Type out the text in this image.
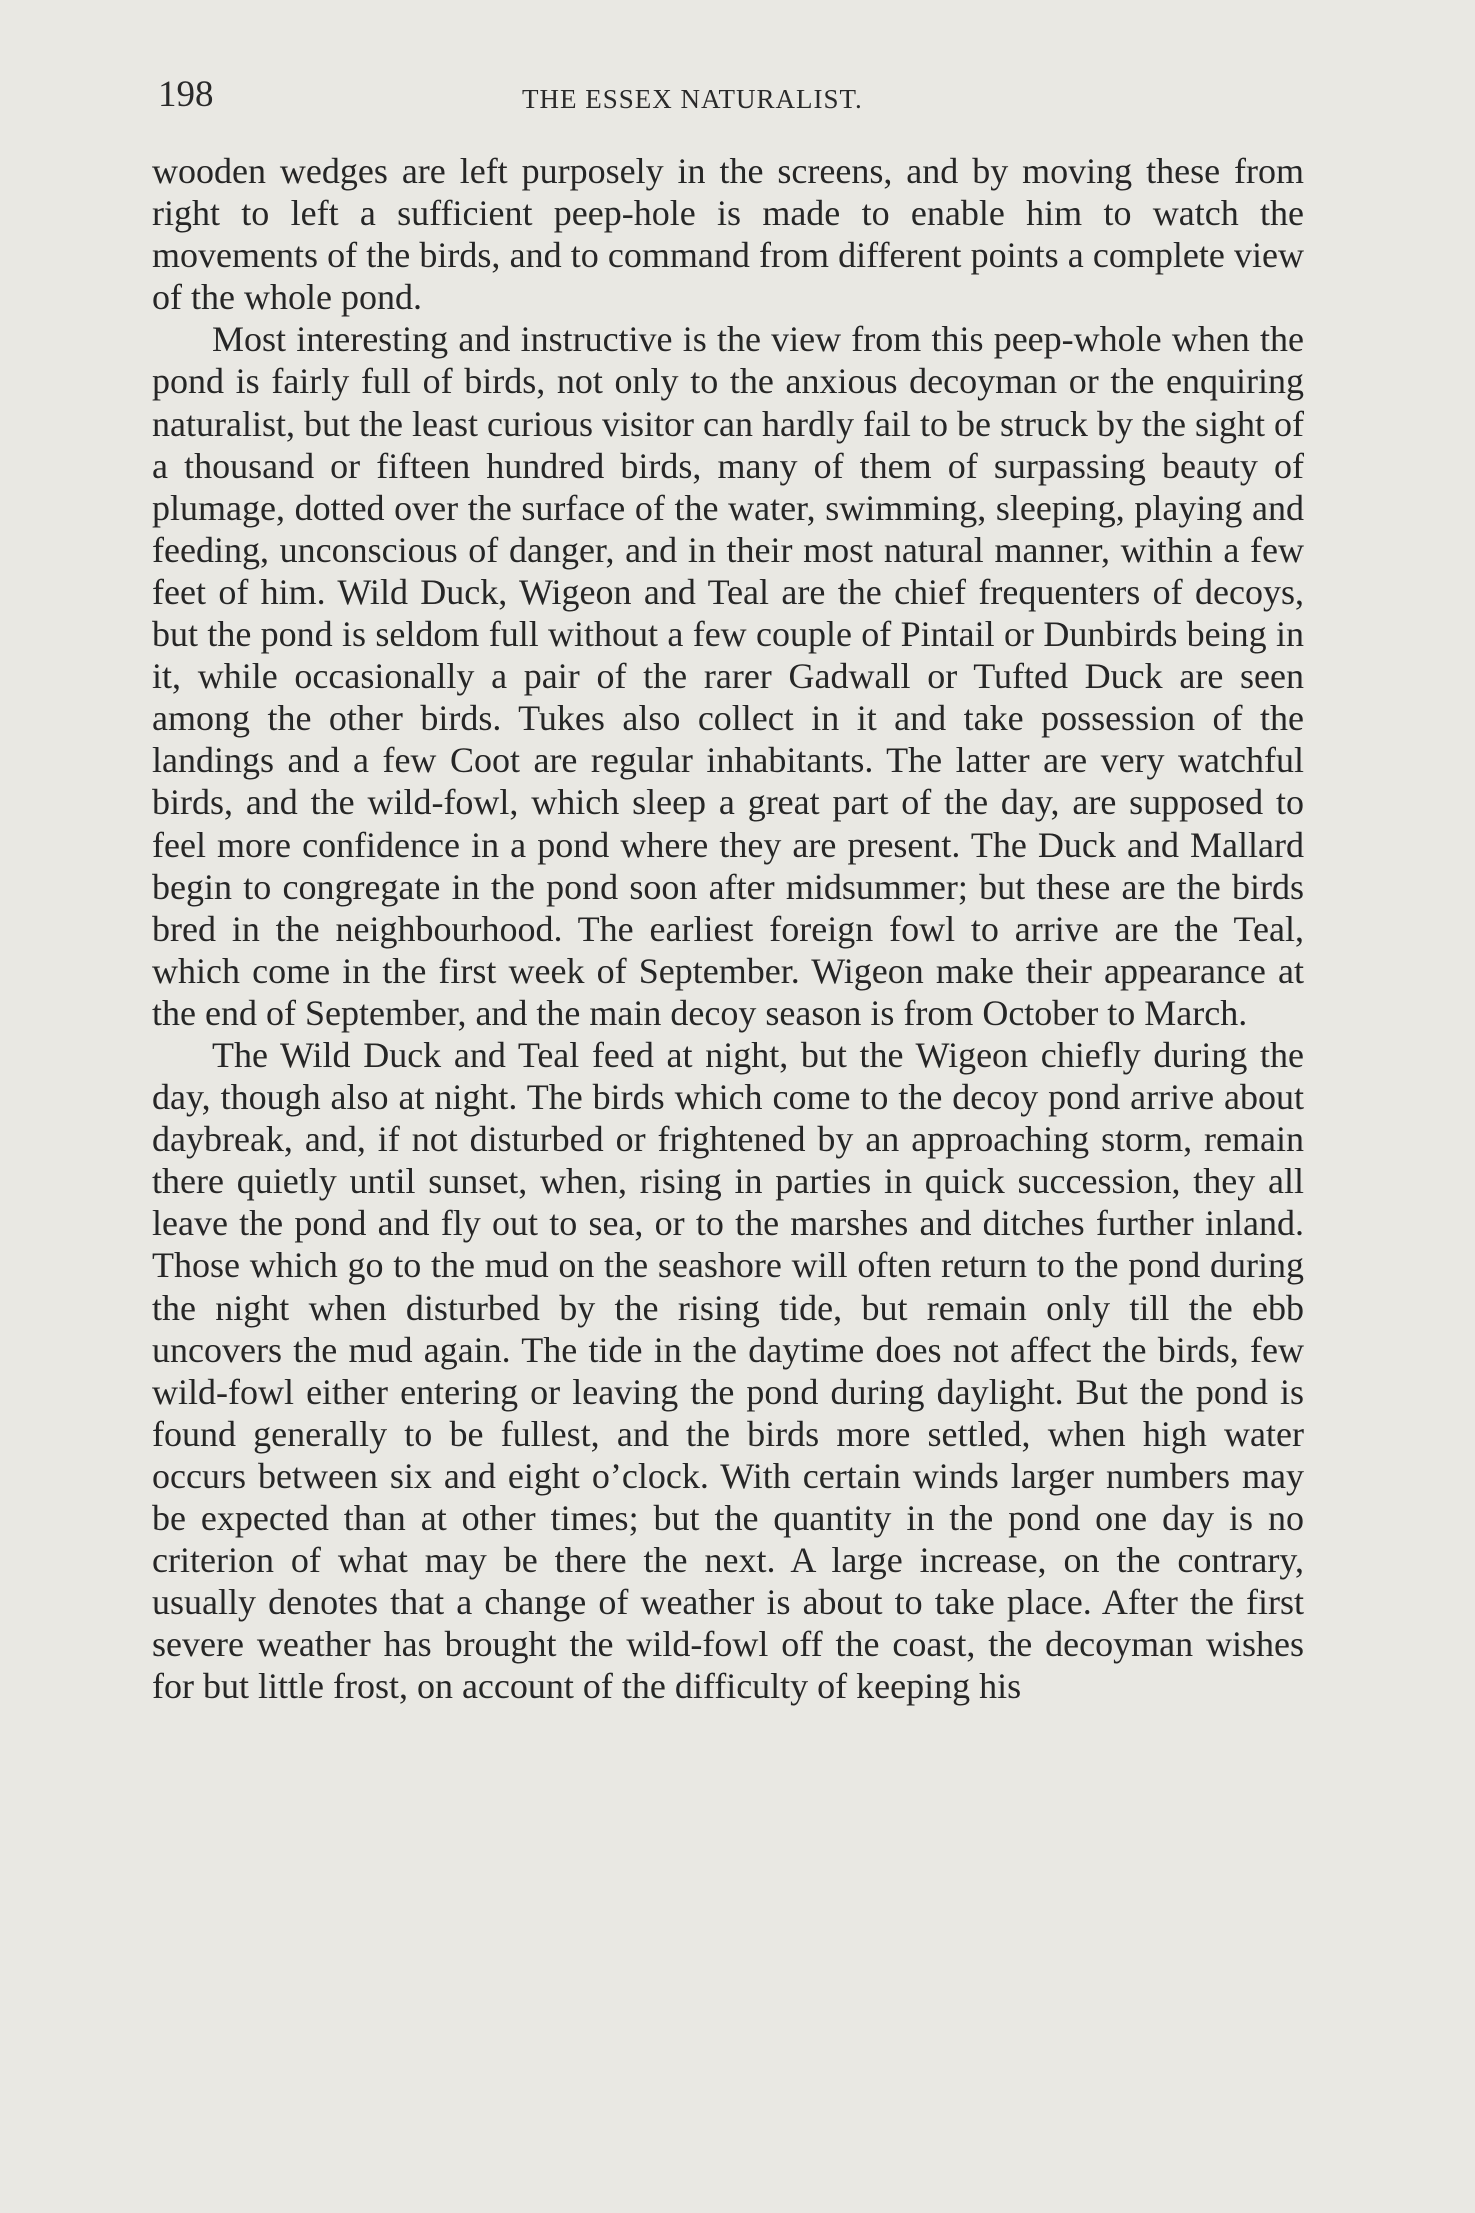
198	THE ESSEX NATURALIST.

wooden wedges are left purposely in the screens, and by moving these from right to left a sufficient peep-hole is made to enable him to watch the movements of the birds, and to command from different points a complete view of the whole pond.

Most interesting and instructive is the view from this peep-whole when the pond is fairly full of birds, not only to the anxious decoyman or the enquiring naturalist, but the least curious visitor can hardly fail to be struck by the sight of a thousand or fifteen hundred birds, many of them of surpassing beauty of plumage, dotted over the surface of the water, swimming, sleeping, playing and feeding, unconscious of danger, and in their most natural manner, within a few feet of him. Wild Duck, Wigeon and Teal are the chief frequenters of decoys, but the pond is seldom full without a few couple of Pintail or Dunbirds being in it, while occasionally a pair of the rarer Gadwall or Tufted Duck are seen among the other birds. Tukes also collect in it and take possession of the landings and a few Coot are regular inhabitants. The latter are very watchful birds, and the wild-fowl, which sleep a great part of the day, are supposed to feel more confidence in a pond where they are present. The Duck and Mallard begin to congregate in the pond soon after midsummer; but these are the birds bred in the neighbourhood. The earliest foreign fowl to arrive are the Teal, which come in the first week of September. Wigeon make their appearance at the end of September, and the main decoy season is from October to March.

The Wild Duck and Teal feed at night, but the Wigeon chiefly during the day, though also at night. The birds which come to the decoy pond arrive about daybreak, and, if not disturbed or frightened by an approaching storm, remain there quietly until sunset, when, rising in parties in quick succession, they all leave the pond and fly out to sea, or to the marshes and ditches further inland. Those which go to the mud on the seashore will often return to the pond during the night when disturbed by the rising tide, but remain only till the ebb uncovers the mud again. The tide in the daytime does not affect the birds, few wild-fowl either entering or leaving the pond during daylight. But the pond is found generally to be fullest, and the birds more settled, when high water occurs between six and eight o’clock. With certain winds larger numbers may be expected than at other times; but the quantity in the pond one day is no criterion of what may be there the next. A large increase, on the contrary, usually denotes that a change of weather is about to take place. After the first severe weather has brought the wild-fowl off the coast, the decoyman wishes for but little frost, on account of the difficulty of keeping his
